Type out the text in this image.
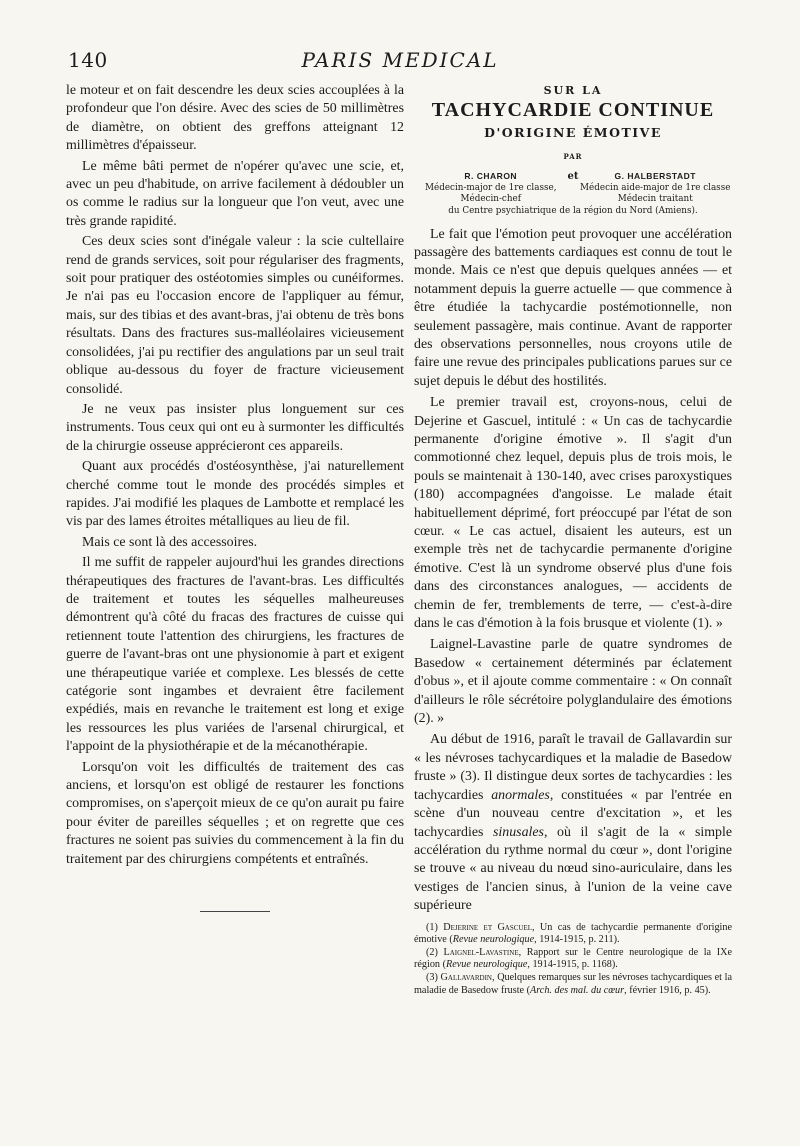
140	PARIS MEDICAL

le moteur et on fait descendre les deux scies accouplées à la profondeur que l'on désire. Avec des scies de 50 millimètres de diamètre, on obtient des greffons atteignant 12 millimètres d'épaisseur.

Le même bâti permet de n'opérer qu'avec une scie, et, avec un peu d'habitude, on arrive facilement à dédoubler un os comme le radius sur la longueur que l'on veut, avec une très grande rapidité.

Ces deux scies sont d'inégale valeur : la scie cultellaire rend de grands services, soit pour régulariser des fragments, soit pour pratiquer des ostéotomies simples ou cunéiformes. Je n'ai pas eu l'occasion encore de l'appliquer au fémur, mais, sur des tibias et des avant-bras, j'ai obtenu de très bons résultats. Dans des fractures sus-malléolaires vicieusement consolidées, j'ai pu rectifier des angulations par un seul trait oblique au-dessous du foyer de fracture vicieusement consolidé.

Je ne veux pas insister plus longuement sur ces instruments. Tous ceux qui ont eu à surmonter les difficultés de la chirurgie osseuse apprécieront ces appareils.

Quant aux procédés d'ostéosynthèse, j'ai naturellement cherché comme tout le monde des procédés simples et rapides. J'ai modifié les plaques de Lambotte et remplacé les vis par des lames étroites métalliques au lieu de fil.

Mais ce sont là des accessoires.

Il me suffit de rappeler aujourd'hui les grandes directions thérapeutiques des fractures de l'avant-bras. Les difficultés de traitement et toutes les séquelles malheureuses démontrent qu'à côté du fracas des fractures de cuisse qui retiennent toute l'attention des chirurgiens, les fractures de guerre de l'avant-bras ont une physionomie à part et exigent une thérapeutique variée et complexe. Les blessés de cette catégorie sont ingambes et devraient être facilement expédiés, mais en revanche le traitement est long et exige les ressources les plus variées de l'arsenal chirurgical, et l'appoint de la physiothérapie et de la mécanothérapie.

Lorsqu'on voit les difficultés de traitement des cas anciens, et lorsqu'on est obligé de restaurer les fonctions compromises, on s'aperçoit mieux de ce qu'on aurait pu faire pour éviter de pareilles séquelles ; et on regrette que ces fractures ne soient pas suivies du commencement à la fin du traitement par des chirurgiens compétents et entraînés.

SUR LA
TACHYCARDIE CONTINUE
D'ORIGINE ÉMOTIVE
PAR
R. CHARON
Médecin-major de 1re classe,
Médecin-chef
et	G. HALBERSTADT
Médecin aide-major de 1re classe
Médecin traitant
du Centre psychiatrique de la région du Nord (Amiens).

Le fait que l'émotion peut provoquer une accélération passagère des battements cardiaques est connu de tout le monde. Mais ce n'est que depuis quelques années — et notamment depuis la guerre actuelle — que commence à être étudiée la tachycardie postémotionnelle, non seulement passagère, mais continue. Avant de rapporter des observations personnelles, nous croyons utile de faire une revue des principales publications parues sur ce sujet depuis le début des hostilités.

Le premier travail est, croyons-nous, celui de Dejerine et Gascuel, intitulé : « Un cas de tachycardie permanente d'origine émotive ». Il s'agit d'un commotionné chez lequel, depuis plus de trois mois, le pouls se maintenait à 130-140, avec crises paroxystiques (180) accompagnées d'angoisse. Le malade était habituellement déprimé, fort préoccupé par l'état de son cœur. « Le cas actuel, disaient les auteurs, est un exemple très net de tachycardie permanente d'origine émotive. C'est là un syndrome observé plus d'une fois dans des circonstances analogues, — accidents de chemin de fer, tremblements de terre, — c'est-à-dire dans le cas d'émotion à la fois brusque et violente (1). »

Laignel-Lavastine parle de quatre syndromes de Basedow « certainement déterminés par éclatement d'obus », et il ajoute comme commentaire : « On connaît d'ailleurs le rôle sécrétoire polyglandulaire des émotions (2). »

Au début de 1916, paraît le travail de Gallavardin sur « les névroses tachycardiques et la maladie de Basedow fruste » (3). Il distingue deux sortes de tachycardies : les tachycardies anormales, constituées « par l'entrée en scène d'un nouveau centre d'excitation », et les tachycardies sinusales, où il s'agit de la « simple accélération du rythme normal du cœur », dont l'origine se trouve « au niveau du nœud sino-auriculaire, dans les vestiges de l'ancien sinus, à l'union de la veine cave supérieure

(1) Dejerine et Gascuel, Un cas de tachycardie permanente d'origine émotive (Revue neurologique, 1914-1915, p. 211).
(2) Laignel-Lavastine, Rapport sur le Centre neurologique de la IXe région (Revue neurologique, 1914-1915, p. 1168).
(3) Gallavardin, Quelques remarques sur les névroses tachycardiques et la maladie de Basedow fruste (Arch. des mal. du cœur, février 1916, p. 45).
